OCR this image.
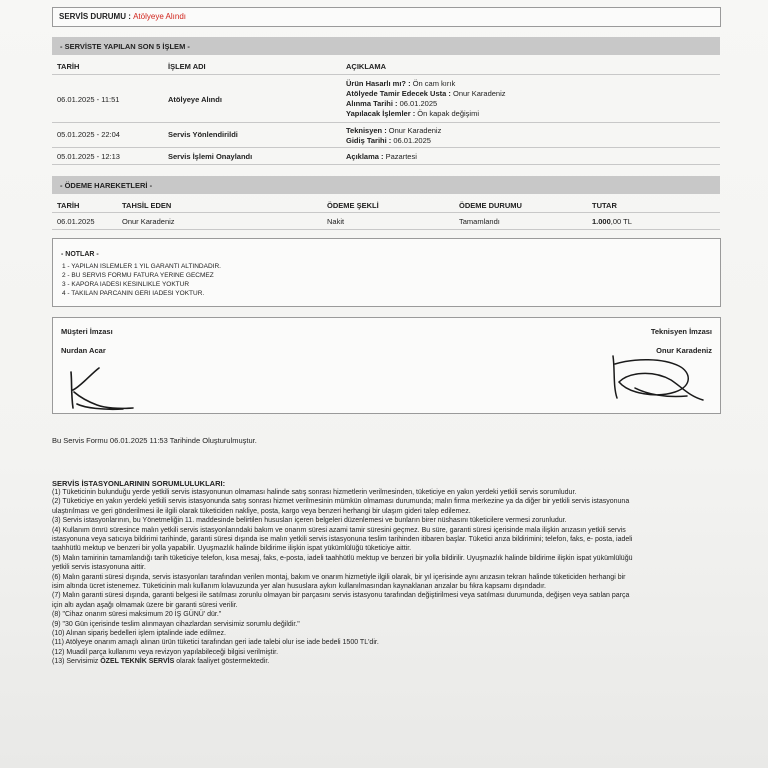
SERVİS DURUMU : Atölyeye Alındı
- SERVİSTE YAPILAN SON 5 İŞLEM -
TARİH	İŞLEM ADI	AÇIKLAMA
06.01.2025 - 11:51	Atölyeye Alındı
Ürün Hasarlı mı? : Ön cam kırık
Atölyede Tamir Edecek Usta : Onur Karadeniz
Alınma Tarihi : 06.01.2025
Yapılacak İşlemler : Ön kapak değişimi
05.01.2025 - 22:04	Servis Yönlendirildi	Teknisyen : Onur Karadeniz
Gidiş Tarihi : 06.01.2025
05.01.2025 - 12:13	Servis İşlemi Onaylandı	Açıklama : Pazartesi
- ÖDEME HAREKETLERİ -
TARİH	TAHSİL EDEN	ÖDEME ŞEKLİ	ÖDEME DURUMU	TUTAR
06.01.2025	Onur Karadeniz	Nakit	Tamamlandı	1.000,00 TL
- NOTLAR -
1 - YAPILAN ISLEMLER 1 YIL GARANTI ALTINDADIR.
2 - BU SERVIS FORMU FATURA YERINE GECMEZ
3 - KAPORA IADESI KESINLIKLE YOKTUR
4 - TAKILAN PARCANIN GERI IADESI YOKTUR.
Müşteri İmzası
Nurdan Acar
Teknisyen İmzası
Onur Karadeniz
Bu Servis Formu 06.01.2025 11:53 Tarihinde Oluşturulmuştur.
SERVİS İSTASYONLARININ SORUMLULUKLARI:
(1) Tüketicinin bulunduğu yerde yetkili servis istasyonunun olmaması halinde satış sonrası hizmetlerin verilmesinden, tüketiciye en yakın yerdeki yetkili servis sorumludur.
(2) Tüketiciye en yakın yerdeki yetkili servis istasyonunda satış sonrası hizmet verilmesinin mümkün olmaması durumunda; malın firma merkezine ya da diğer bir yetkili servis istasyonuna
ulaştırılması ve geri gönderilmesi ile ilgili olarak tüketiciden nakliye, posta, kargo veya benzeri herhangi bir ulaşım gideri talep edilemez.
(3) Servis istasyonlarının, bu Yönetmeliğin 11. maddesinde belirtilen hususları içeren belgeleri düzenlemesi ve bunların birer nüshasını tüketicilere vermesi zorunludur.
(4) Kullanım ömrü süresince malın yetkili servis istasyonlarındaki bakım ve onarım süresi azami tamir süresini geçmez. Bu süre, garanti süresi içerisinde mala ilişkin arızasın yetkili servis
istasyonuna veya satıcıya bildirimi tarihinde, garanti süresi dışında ise malın yetkili servis istasyonuna teslim tarihinden itibaren başlar. Tüketici arıza bildirimini; telefon, faks, e- posta, iadeli
taahhütlü mektup ve benzeri bir yolla yapabilir. Uyuşmazlık halinde bildirime ilişkin ispat yükümlülüğü tüketiciye aittir.
(5) Malın tamirinin tamamlandığı tarih tüketiciye telefon, kısa mesaj, faks, e-posta, iadeli taahhütlü mektup ve benzeri bir yolla bildirilir. Uyuşmazlık halinde bildirime ilişkin ispat yükümlülüğü
yetkili servis istasyonuna aittir.
(6) Malın garanti süresi dışında, servis istasyonları tarafından verilen montaj, bakım ve onarım hizmetiyle ilgili olarak, bir yıl içerisinde aynı arızasın tekrarı halinde tüketiciden herhangi bir
isim altında ücret istenemez. Tüketicinin malı kullanım kılavuzunda yer alan hususlara aykırı kullanılmasından kaynaklanan arızalar bu fıkra kapsamı dışındadır.
(7) Malın garanti süresi dışında, garanti belgesi ile satılması zorunlu olmayan bir parçasını servis istasyonu tarafından değiştirilmesi veya satılması durumunda, değişen veya satılan parça
için altı aydan aşağı olmamak üzere bir garanti süresi verilir.
(8) "Cihaz onarım süresi maksimum 20 İŞ GÜNÜ' dür."
(9) "30 Gün içerisinde teslim alınmayan cihazlardan servisimiz sorumlu değildir."
(10) Alınan sipariş bedelleri işlem iptalinde iade edilmez.
(11) Atölyeye onarım amaçlı alınan ürün tüketici tarafından geri iade talebi olur ise iade bedeli 1500 TL'dir.
(12) Muadil parça kullanımı veya revizyon yapılabileceği bilgisi verilmiştir.
(13) Servisimiz ÖZEL TEKNİK SERVİS olarak faaliyet göstermektedir.
